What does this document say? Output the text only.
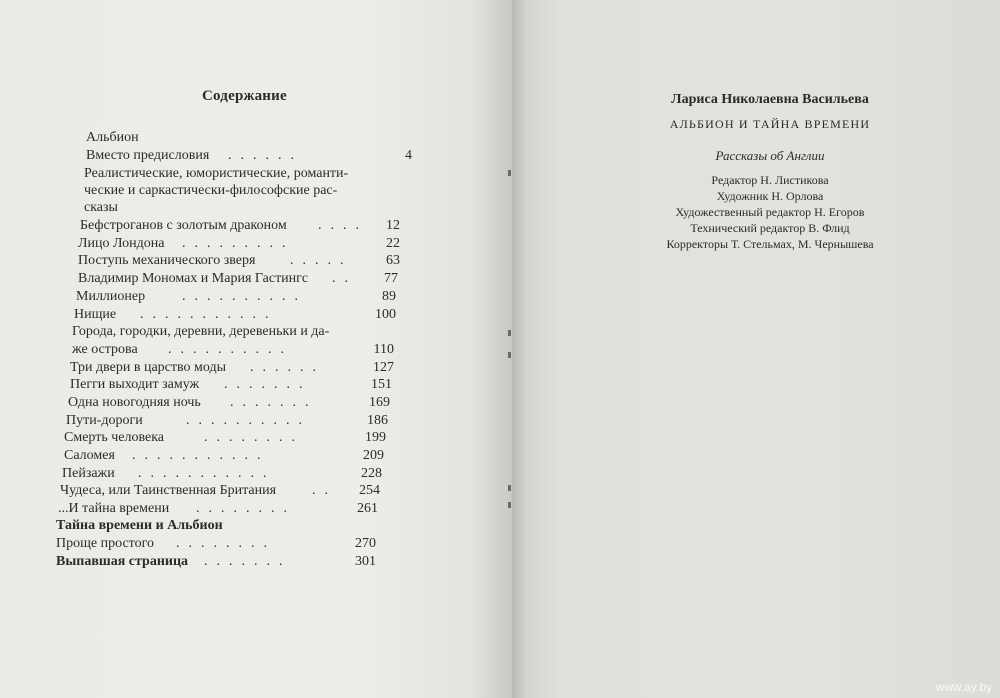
Содержание
Альбион
Вместо предисловия ......	4
Реалистические, юмористические, романти-
ческие и саркастически-философские рас-
сказы
Бефстроганов с золотым драконом ....	12
Лицо Лондона .........	22
Поступь механического зверя .....	63
Владимир Мономах и Мария Гастингс ..	77
Миллионер	..........	89
Нищие ...........	100
Города, городки, деревни, деревеньки и да-
же острова ..........	110
Три двери в царство моды ......	127
Пегги выходит замуж .......	151
Одна новогодняя ночь .......	169
Пути-дороги	..........	186
Смерть человека	........	199
Саломея ...........	209
Пейзажи ...........	228
Чудеса, или Таинственная Британия	..	254
...И тайна времени ........	261
Тайна времени и Альбион
Проще простого ........	270
Выпавшая страница .......	301
Лариса Николаевна Васильева
АЛЬБИОН И ТАЙНА ВРЕМЕНИ
Рассказы об Англии
Редактор Н. Листикова
Художник Н. Орлова
Художественный редактор Н. Егоров
Технический редактор В. Флид
Корректоры Т. Стельмах, М. Чернышева
www.ay.by
